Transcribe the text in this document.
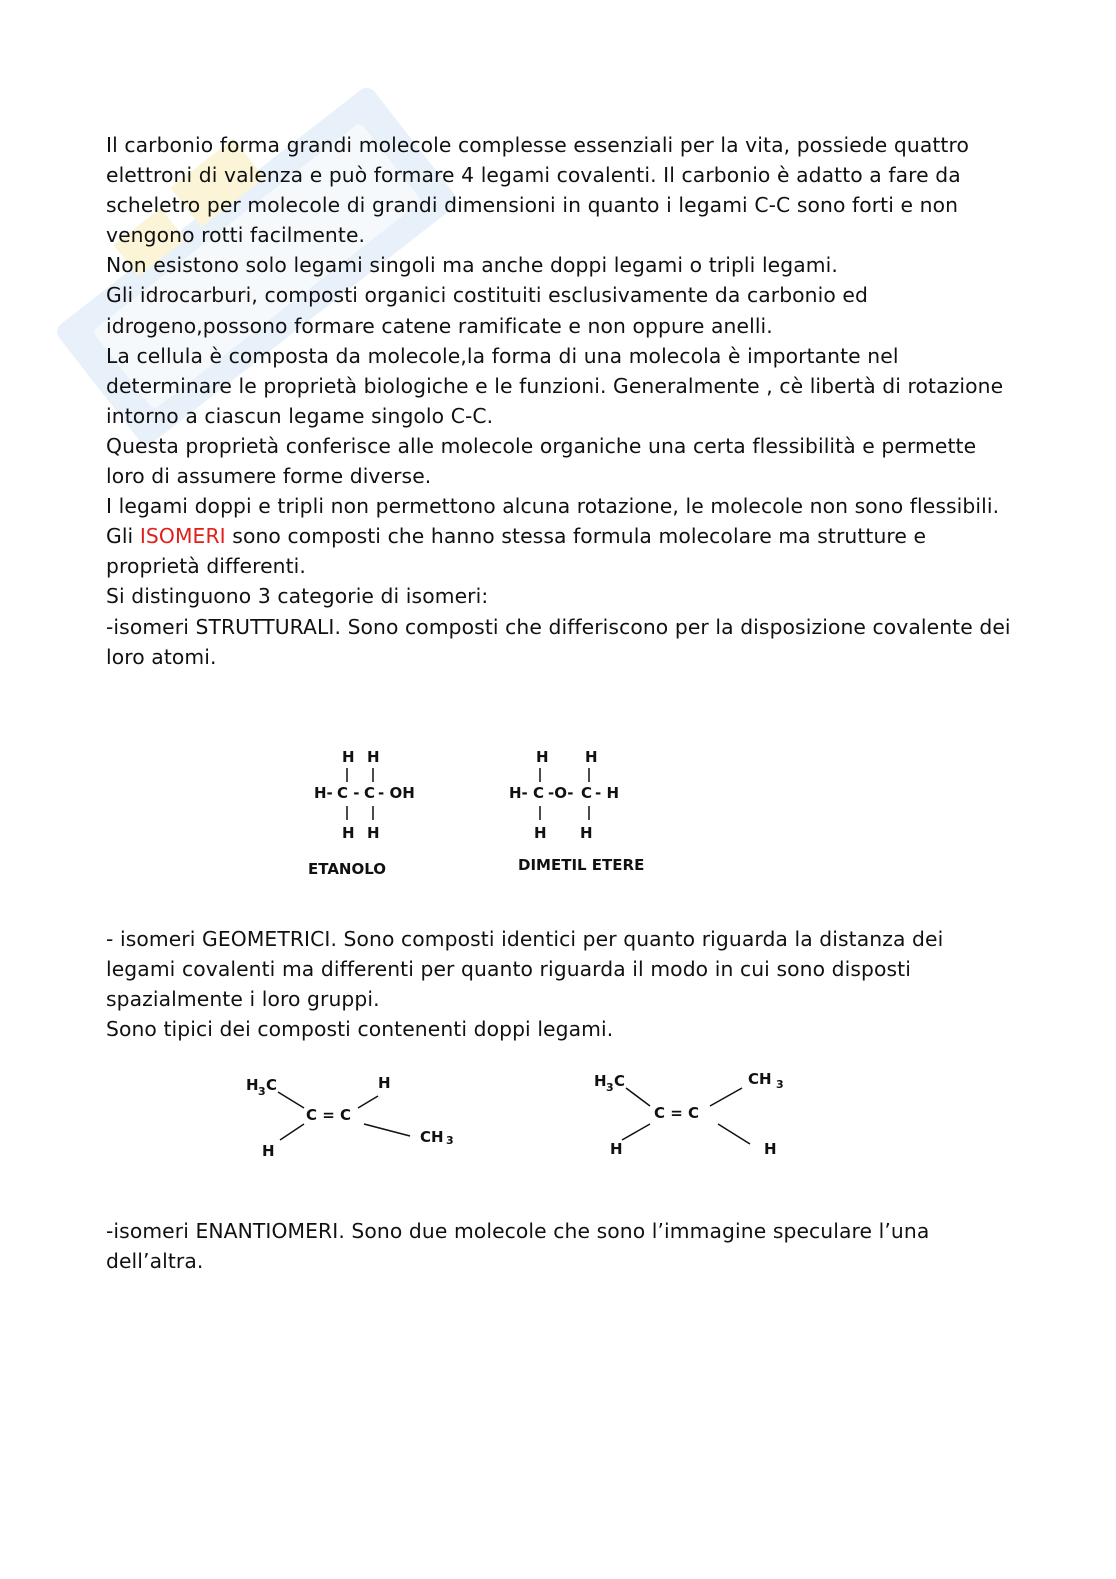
Il carbonio forma grandi molecole complesse essenziali per la vita, possiede quattro elettroni di valenza e può formare 4 legami covalenti. Il carbonio è adatto a fare da scheletro per molecole di grandi dimensioni in quanto i legami C-C sono forti e non vengono rotti facilmente.

Non esistono solo legami singoli ma anche doppi legami o tripli legami.

Gli idrocarburi, composti organici costituiti esclusivamente da carbonio ed idrogeno,possono formare catene ramificate e non oppure anelli.

La cellula è composta da molecole,la forma di una molecola è importante nel determinare le proprietà biologiche e le funzioni. Generalmente , cè libertà di rotazione intorno a ciascun legame singolo C-C.

Questa proprietà conferisce alle molecole organiche una certa flessibilità e permette loro di assumere forme diverse.

I legami doppi e tripli non permettono alcuna rotazione, le molecole non sono flessibili.

Gli ISOMERI sono composti che hanno stessa formula molecolare ma strutture e proprietà differenti.

Si distinguono 3 categorie di isomeri:

-isomeri STRUTTURALI. Sono composti che differiscono per la disposizione covalente dei loro atomi.

H H
H- C - C - OH
H H
ETANOLO
H H
H- C -O- C - H
H H
DIMETIL ETERE

- isomeri GEOMETRICI. Sono composti identici per quanto riguarda la distanza dei legami covalenti ma differenti per quanto riguarda il modo in cui sono disposti spazialmente i loro gruppi.

Sono tipici dei composti contenenti doppi legami.

H 3 C
C = C
H
H
CH 3
H 3 C
C = C
H
CH 3
H

-isomeri ENANTIOMERI. Sono due molecole che sono l’immagine speculare l’una dell’altra.
